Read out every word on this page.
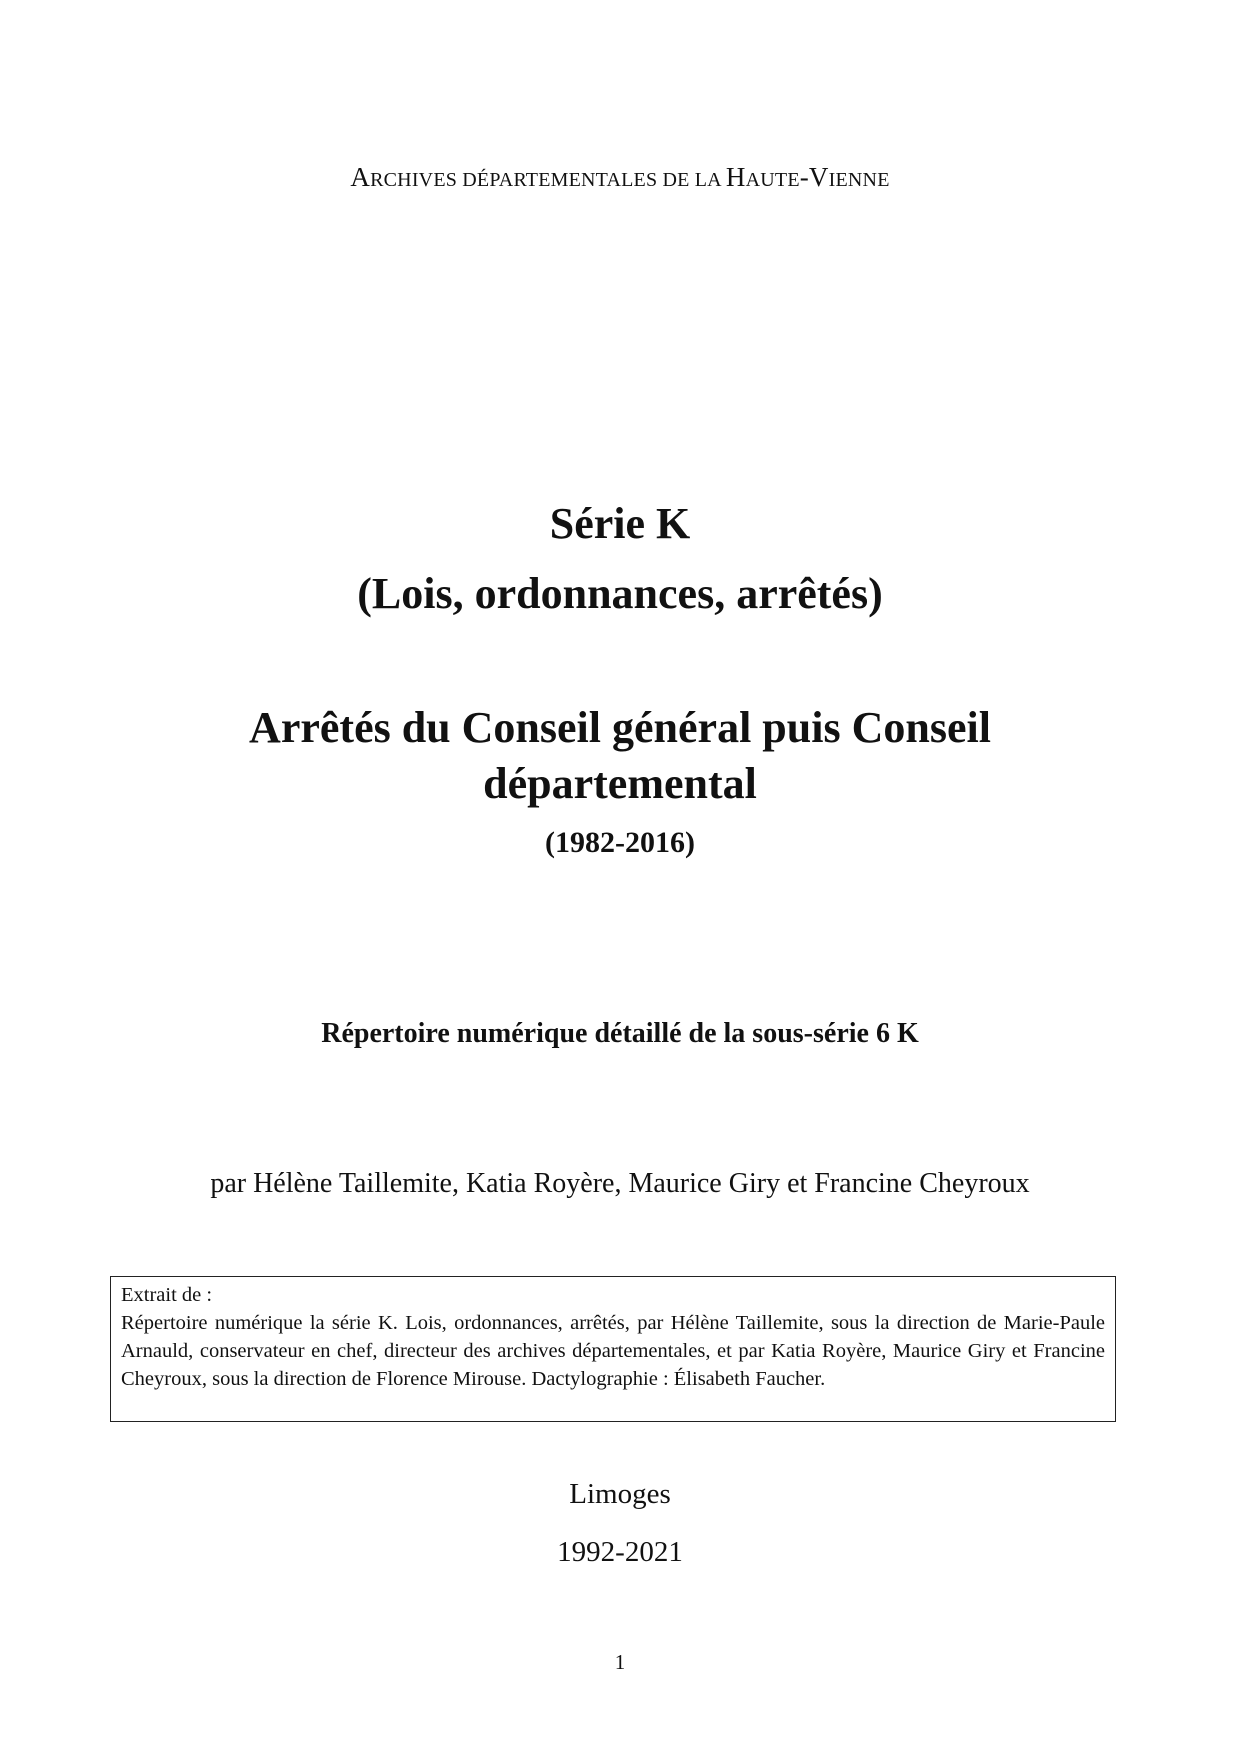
ARCHIVES DÉPARTEMENTALES DE LA HAUTE-VIENNE
Série K
(Lois, ordonnances, arrêtés)
Arrêtés du Conseil général puis Conseil départemental
(1982-2016)
Répertoire numérique détaillé de la sous-série 6 K
par Hélène Taillemite, Katia Royère, Maurice Giry et Francine Cheyroux
Extrait de :
Répertoire numérique la série K. Lois, ordonnances, arrêtés, par Hélène Taillemite, sous la direction de Marie-Paule Arnauld, conservateur en chef, directeur des archives départementales, et par Katia Royère, Maurice Giry et Francine Cheyroux, sous la direction de Florence Mirouse. Dactylographie : Élisabeth Faucher.
Limoges
1992-2021
1
